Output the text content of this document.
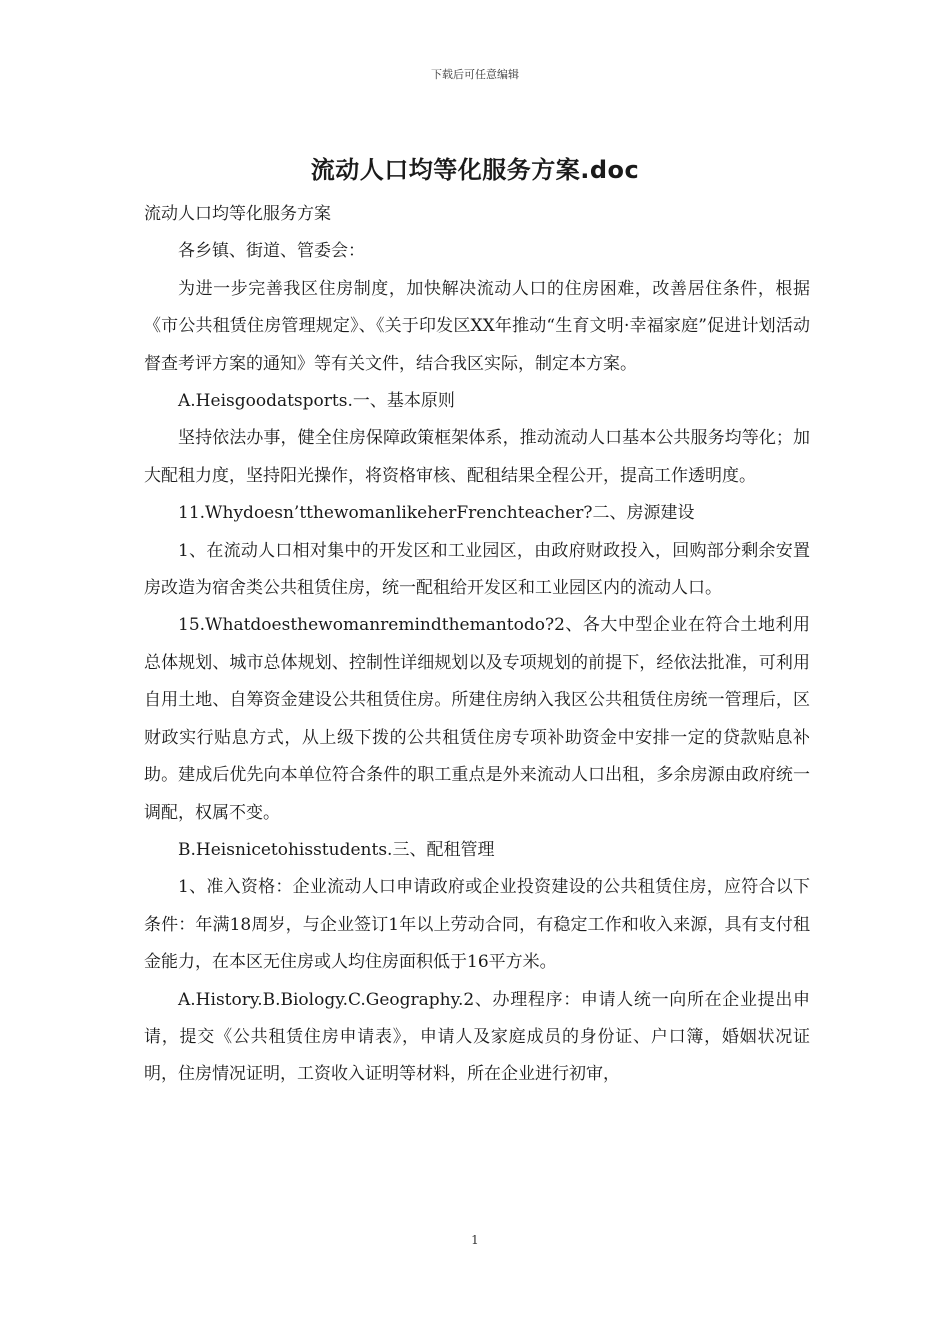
下载后可任意编辑
流动人口均等化服务方案.doc

流动人口均等化服务方案

各乡镇、街道、管委会：

为进一步完善我区住房制度，加快解决流动人口的住房困难，改善居住条件，根据《市公共租赁住房管理规定》、《关于印发区XX年推动“生育文明·幸福家庭”促进计划活动督查考评方案的通知》等有关文件，结合我区实际，制定本方案。

A.Heisgoodatsports.一、基本原则

坚持依法办事，健全住房保障政策框架体系，推动流动人口基本公共服务均等化；加大配租力度，坚持阳光操作，将资格审核、配租结果全程公开，提高工作透明度。

11.Whydoesn’tthewomanlikeherFrenchteacher?二、房源建设

1、在流动人口相对集中的开发区和工业园区，由政府财政投入，回购部分剩余安置房改造为宿舍类公共租赁住房，统一配租给开发区和工业园区内的流动人口。

15.Whatdoesthewomanremindthemantodo?2、各大中型企业在符合土地利用总体规划、城市总体规划、控制性详细规划以及专项规划的前提下，经依法批准，可利用自用土地、自筹资金建设公共租赁住房。所建住房纳入我区公共租赁住房统一管理后，区财政实行贴息方式，从上级下拨的公共租赁住房专项补助资金中安排一定的贷款贴息补助。建成后优先向本单位符合条件的职工重点是外来流动人口出租，多余房源由政府统一调配，权属不变。

B.Heisnicetohisstudents.三、配租管理

1、准入资格：企业流动人口申请政府或企业投资建设的公共租赁住房，应符合以下条件：年满18周岁，与企业签订1年以上劳动合同，有稳定工作和收入来源，具有支付租金能力，在本区无住房或人均住房面积低于16平方米。

A.History.B.Biology.C.Geography.2、办理程序：申请人统一向所在企业提出申请，提交《公共租赁住房申请表》，申请人及家庭成员的身份证、户口簿，婚姻状况证明，住房情况证明，工资收入证明等材料，所在企业进行初审，

1
